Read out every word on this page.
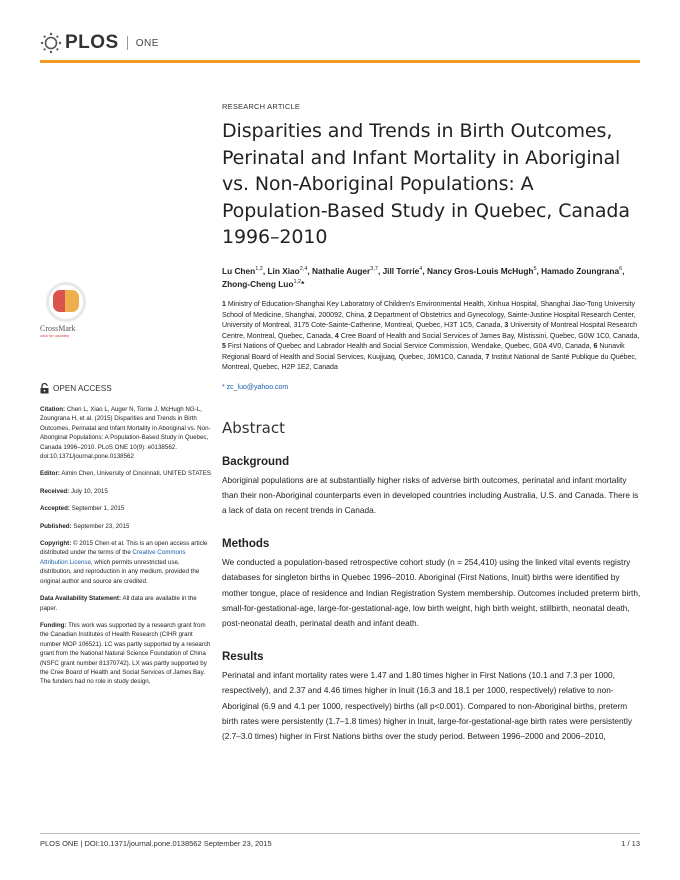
PLOS ONE
CrossMark
click for updates
OPEN ACCESS
Citation: Chen L, Xiao L, Auger N, Torrie J, McHugh NG-L, Zoungrana H, et al. (2015) Disparities and Trends in Birth Outcomes, Perinatal and Infant Mortality in Aboriginal vs. Non-Aboriginal Populations: A Population-Based Study in Quebec, Canada 1996–2010. PLoS ONE 10(9): e0138562. doi:10.1371/journal.pone.0138562
Editor: Aimin Chen, University of Cincinnati, UNITED STATES
Received: July 10, 2015
Accepted: September 1, 2015
Published: September 23, 2015
Copyright: © 2015 Chen et al. This is an open access article distributed under the terms of the Creative Commons Attribution License, which permits unrestricted use, distribution, and reproduction in any medium, provided the original author and source are credited.
Data Availability Statement: All data are available in the paper.
Funding: This work was supported by a research grant from the Canadian Institutes of Health Research (CIHR grant number MOP 106521). LC was partly supported by a research grant from the National Natural Science Foundation of China (NSFC grant number 81370742). LX was partly supported by the Cree Board of Health and Social Services of James Bay. The funders had no role in study design,
RESEARCH ARTICLE
Disparities and Trends in Birth Outcomes, Perinatal and Infant Mortality in Aboriginal vs. Non-Aboriginal Populations: A Population-Based Study in Quebec, Canada 1996–2010
Lu Chen$^{1,2}$, Lin Xiao$^{2,4}$, Nathalie Auger$^{3,7}$, Jill Torrie$^4$, Nancy Gros-Louis McHugh$^5$, Hamado Zoungrana$^6$, Zhong-Cheng Luo$^{1,2}$*
1 Ministry of Education-Shanghai Key Laboratory of Children's Environmental Health, Xinhua Hospital, Shanghai Jiao-Tong University School of Medicine, Shanghai, 200092, China, 2 Department of Obstetrics and Gynecology, Sainte-Justine Hospital Research Center, University of Montreal, 3175 Cote-Sainte-Catherine, Montreal, Quebec, H3T 1C5, Canada, 3 University of Montreal Hospital Research Centre, Montreal, Quebec, Canada, 4 Cree Board of Health and Social Services of James Bay, Mistissini, Quebec, G0W 1C0, Canada, 5 First Nations of Quebec and Labrador Health and Social Service Commission, Wendake, Quebec, G0A 4V0, Canada, 6 Nunavik Regional Board of Health and Social Services, Kuujjuaq, Quebec, J0M1C0, Canada, 7 Institut National de Santé Publique du Québec, Montreal, Quebec, H2P 1E2, Canada
* zc_luo@yahoo.com
Abstract
Background
Aboriginal populations are at substantially higher risks of adverse birth outcomes, perinatal and infant mortality than their non-Aboriginal counterparts even in developed countries including Australia, U.S. and Canada. There is a lack of data on recent trends in Canada.
Methods
We conducted a population-based retrospective cohort study (n = 254,410) using the linked vital events registry databases for singleton births in Quebec 1996–2010. Aboriginal (First Nations, Inuit) births were identified by mother tongue, place of residence and Indian Registration System membership. Outcomes included preterm birth, small-for-gestational-age, large-for-gestational-age, low birth weight, high birth weight, stillbirth, neonatal death, post-neonatal death, perinatal death and infant death.
Results
Perinatal and infant mortality rates were 1.47 and 1.80 times higher in First Nations (10.1 and 7.3 per 1000, respectively), and 2.37 and 4.46 times higher in Inuit (16.3 and 18.1 per 1000, respectively) relative to non-Aboriginal (6.9 and 4.1 per 1000, respectively) births (all p<0.001). Compared to non-Aboriginal births, preterm birth rates were persistently (1.7–1.8 times) higher in Inuit, large-for-gestational-age birth rates were persistently (2.7–3.0 times) higher in First Nations births over the study period. Between 1996–2000 and 2006–2010,
PLOS ONE | DOI:10.1371/journal.pone.0138562 September 23, 2015	1 / 13
